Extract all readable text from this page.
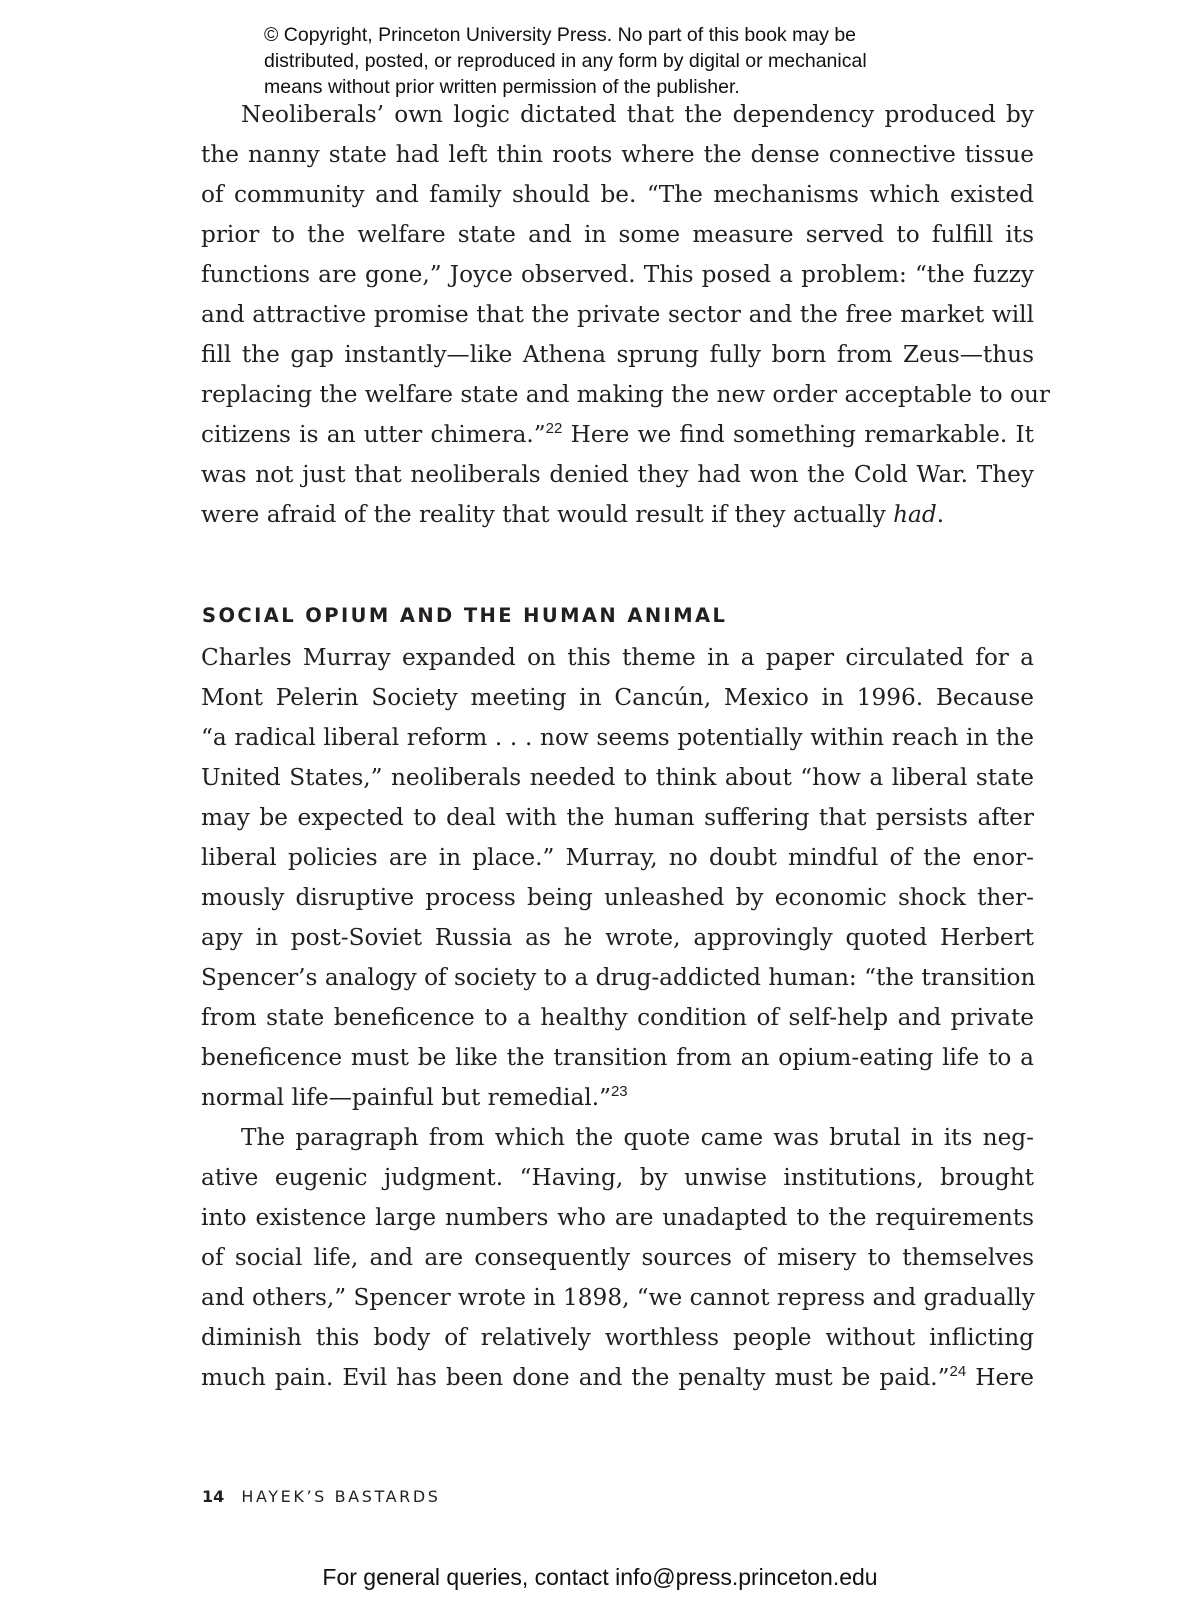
© Copyright, Princeton University Press. No part of this book may be
distributed, posted, or reproduced in any form by digital or mechanical
means without prior written permission of the publisher.
Neoliberals’ own logic dictated that the dependency produced by
the nanny state had left thin roots where the dense connective tissue
of community and family should be. “The mechanisms which existed
prior to the welfare state and in some measure served to fulfill its
functions are gone,” Joyce observed. This posed a problem: “the fuzzy
and attractive promise that the private sector and the free market will
fill the gap instantly—like Athena sprung fully born from Zeus—thus
replacing the welfare state and making the new order acceptable to our
citizens is an utter chimera.”$^{22}$ Here we find something remarkable. It
was not just that neoliberals denied they had won the Cold War. They
were afraid of the reality that would result if they actually had.
SOCIAL OPIUM AND THE HUMAN ANIMAL
Charles Murray expanded on this theme in a paper circulated for a
Mont Pelerin Society meeting in Cancún, Mexico in 1996. Because
“a radical liberal reform . . . now seems potentially within reach in the
United States,” neoliberals needed to think about “how a liberal state
may be expected to deal with the human suffering that persists after
liberal policies are in place.” Murray, no doubt mindful of the enor-
mously disruptive process being unleashed by economic shock ther-
apy in post-Soviet Russia as he wrote, approvingly quoted Herbert
Spencer’s analogy of society to a drug-addicted human: “the transition
from state beneficence to a healthy condition of self-help and private
beneficence must be like the transition from an opium-eating life to a
normal life—painful but remedial.”$^{23}$
The paragraph from which the quote came was brutal in its neg-
ative eugenic judgment. “Having, by unwise institutions, brought
into existence large numbers who are unadapted to the requirements
of social life, and are consequently sources of misery to themselves
and others,” Spencer wrote in 1898, “we cannot repress and gradually
diminish this body of relatively worthless people without inflicting
much pain. Evil has been done and the penalty must be paid.”$^{24}$ Here
14 HAYEK’S BASTARDS
For general queries, contact info@press.princeton.edu
